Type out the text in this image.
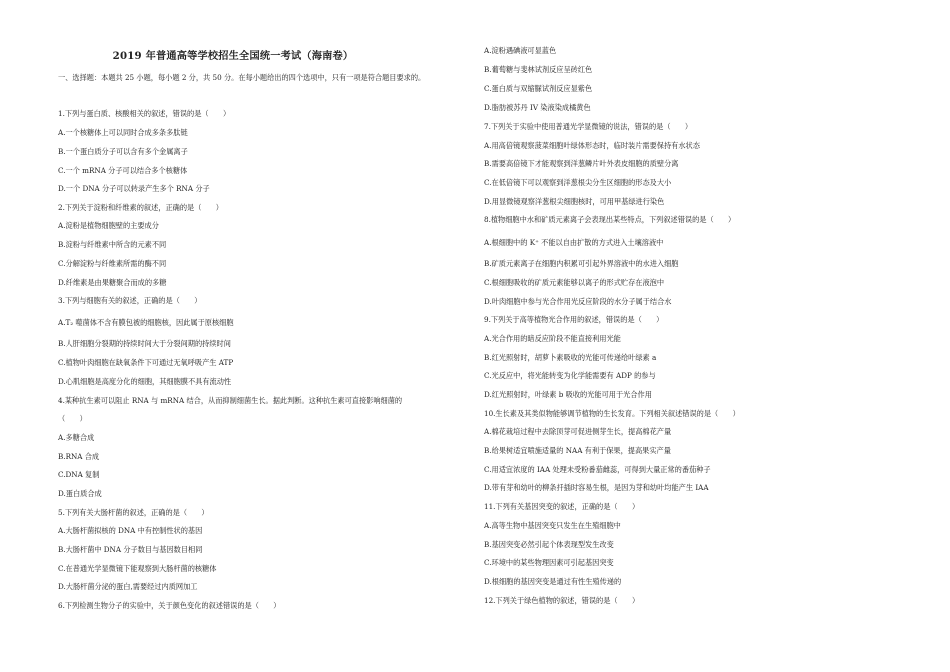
2019 年普通高等学校招生全国统一考试（海南卷）
一、选择题：本题共 25 小题，每小题 2 分，共 50 分。在每小题给出的四个选项中，只有一项是符合题目要求的。
1.下列与蛋白质、核酸相关的叙述，错误的是（　　）
A.一个核糖体上可以同时合成多条多肽链
B.一个蛋白质分子可以含有多个金属离子
C.一个 mRNA 分子可以结合多个核糖体
D.一个 DNA 分子可以转录产生多个 RNA 分子
2.下列关于淀粉和纤维素的叙述，正确的是（　　）
A.淀粉是植物细胞壁的主要成分
B.淀粉与纤维素中所含的元素不同
C.分解淀粉与纤维素所需的酶不同
D.纤维素是由果糖聚合而成的多糖
3.下列与细胞有关的叙述，正确的是（　　）
A.T₂ 噬菌体不含有膜包被的细胞核，因此属于原核细胞
B.人肝细胞分裂期的持续时间大于分裂间期的持续时间
C.植物叶肉细胞在缺氧条件下可通过无氧呼吸产生 ATP
D.心肌细胞是高度分化的细胞，其细胞膜不具有流动性
4.某种抗生素可以阻止 RNA 与 mRNA 结合，从而抑制细菌生长。据此判断。这种抗生素可直接影响细菌的
（　　）
A.多糖合成
B.RNA 合成
C.DNA 复制
D.蛋白质合成
5.下列有关大肠杆菌的叙述，正确的是（　　）
A.大肠杆菌拟核的 DNA 中有控制性状的基因
B.大肠杆菌中 DNA 分子数目与基因数目相同
C.在普通光学显微镜下能观察到大肠杆菌的核糖体
D.大肠杆菌分泌的蛋白,需要经过内质网加工
6.下列检测生物分子的实验中，关于颜色变化的叙述错误的是（　　）
A.淀粉遇碘液可显蓝色
B.葡萄糖与斐林试剂反应呈砖红色
C.蛋白质与双缩脲试剂反应显紫色
D.脂肪被苏丹 IV 染液染成橘黄色
7.下列关于实验中使用普通光学显微镜的说法，错误的是（　　）
A.用高倍镜观察菠菜细胞叶绿体形态时，临时装片需要保持有水状态
B.需要高倍镜下才能观察到洋葱鳞片叶外表皮细胞的质壁分离
C.在低倍镜下可以观察到洋葱根尖分生区细胞的形态及大小
D.用显微镜观察洋葱根尖细胞核时，可用甲基绿进行染色
8.植物细胞中水和矿质元素离子会表现出某些特点，下列叙述错误的是（　　）
A.根细胞中的 K⁺ 不能以自由扩散的方式进入土壤溶液中
B.矿质元素离子在细胞内积累可引起外界溶液中的水进入细胞
C.根细胞吸收的矿质元素能够以离子的形式贮存在液泡中
D.叶肉细胞中参与光合作用光反应阶段的水分子属于结合水
9.下列关于高等植物光合作用的叙述，错误的是（　　）
A.光合作用的暗反应阶段不能直接利用光能
B.红光照射时，胡萝卜素吸收的光能可传递给叶绿素 a
C.光反应中，将光能转变为化学能需要有 ADP 的参与
D.红光照射时，叶绿素 b 吸收的光能可用于光合作用
10.生长素及其类似物能够调节植物的生长发育。下列相关叙述错误的是（　　）
A.棉花栽培过程中去除顶芽可促进侧芽生长，提高棉花产量
B.给果树适宜喷施适量的 NAA 有利于保果，提高果实产量
C.用适宜浓度的 IAA 处理未受粉番茄雌蕊，可得到大量正常的番茄种子
D.带有芽和幼叶的柳条扦插时容易生根，是因为芽和幼叶均能产生 IAA
11.下列有关基因突变的叙述，正确的是（　　）
A.高等生物中基因突变只发生在生殖细胞中
B.基因突变必然引起个体表现型发生改变
C.环境中的某些物理因素可引起基因突变
D.根细胞的基因突变是通过有性生殖传递的
12.下列关于绿色植物的叙述，错误的是（　　）
